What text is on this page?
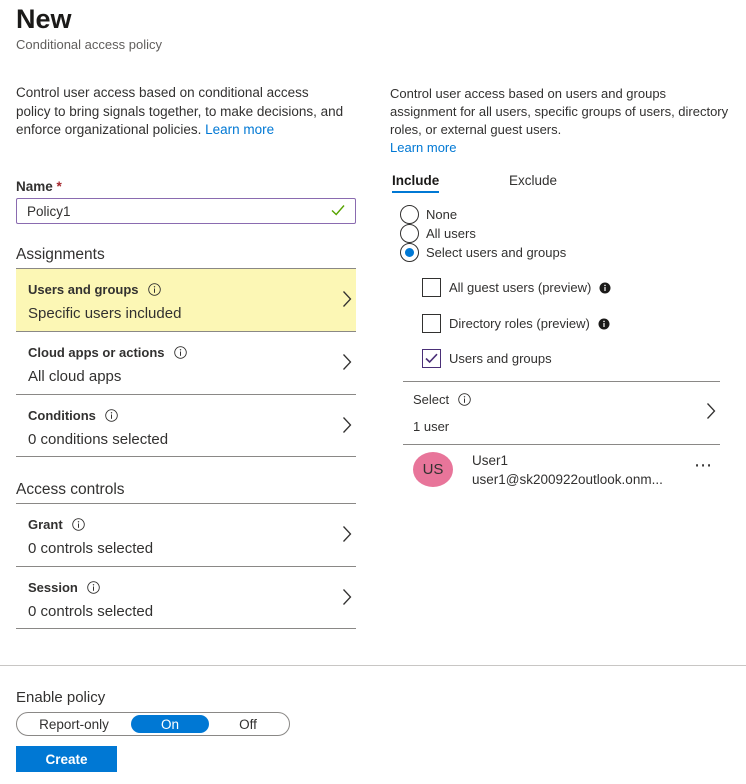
New
Conditional access policy
Control user access based on conditional access policy to bring signals together, to make decisions, and enforce organizational policies. Learn more
Name *
Policy1
Assignments
Users and groups
Specific users included
Cloud apps or actions
All cloud apps
Conditions
0 conditions selected
Access controls
Grant
0 controls selected
Session
0 controls selected
Control user access based on users and groups assignment for all users, specific groups of users, directory roles, or external guest users.
Learn more
Include	Exclude
None
All users
Select users and groups
All guest users (preview)
Directory roles (preview)
Users and groups
Select
1 user
US
User1
user1@sk200922outlook.onm...
⋯
Enable policy
Report-only	On	Off
Create
